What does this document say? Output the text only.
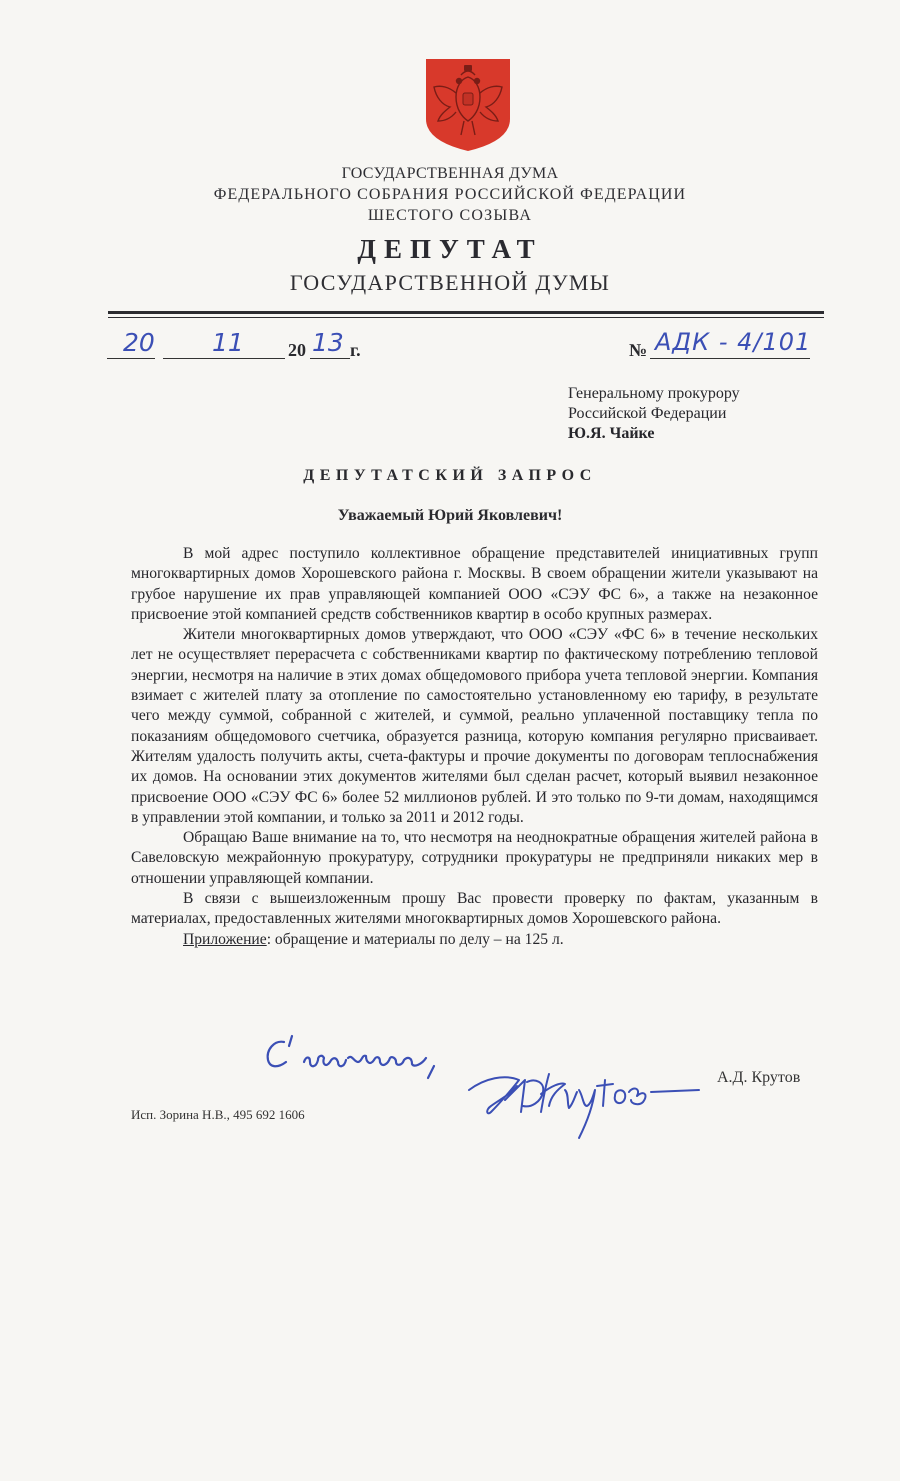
ГОСУДАРСТВЕННАЯ ДУМА
ФЕДЕРАЛЬНОГО СОБРАНИЯ РОССИЙСКОЙ ФЕДЕРАЦИИ
ШЕСТОГО СОЗЫВА
ДЕПУТАТ
ГОСУДАРСТВЕННОЙ ДУМЫ
20 11 20 13 г.	№ АДК - 4/101
Генеральному прокурору
Российской Федерации
Ю.Я. Чайке
ДЕПУТАТСКИЙ ЗАПРОС
Уважаемый Юрий Яковлевич!

В мой адрес поступило коллективное обращение представителей инициативных групп многоквартирных домов Хорошевского района г. Москвы. В своем обращении жители указывают на грубое нарушение их прав управляющей компанией ООО «СЭУ ФС 6», а также на незаконное присвоение этой компанией средств собственников квартир в особо крупных размерах.

Жители многоквартирных домов утверждают, что ООО «СЭУ «ФС 6» в течение нескольких лет не осуществляет перерасчета с собственниками квартир по фактическому потреблению тепловой энергии, несмотря на наличие в этих домах общедомового прибора учета тепловой энергии. Компания взимает с жителей плату за отопление по самостоятельно установленному ею тарифу, в результате чего между суммой, собранной с жителей, и суммой, реально уплаченной поставщику тепла по показаниям общедомового счетчика, образуется разница, которую компания регулярно присваивает. Жителям удалость получить акты, счета-фактуры и прочие документы по договорам теплоснабжения их домов. На основании этих документов жителями был сделан расчет, который выявил незаконное присвоение ООО «СЭУ ФС 6» более 52 миллионов рублей. И это только по 9-ти домам, находящимся в управлении этой компании, и только за 2011 и 2012 годы.

Обращаю Ваше внимание на то, что несмотря на неоднократные обращения жителей района в Савеловскую межрайонную прокуратуру, сотрудники прокуратуры не предприняли никаких мер в отношении управляющей компании.

В связи с вышеизложенным прошу Вас провести проверку по фактам, указанным в материалах, предоставленных жителями многоквартирных домов Хорошевского района.

Приложение: обращение и материалы по делу – на 125 л.

А.Д. Крутов
Исп. Зорина Н.В., 495 692 1606
